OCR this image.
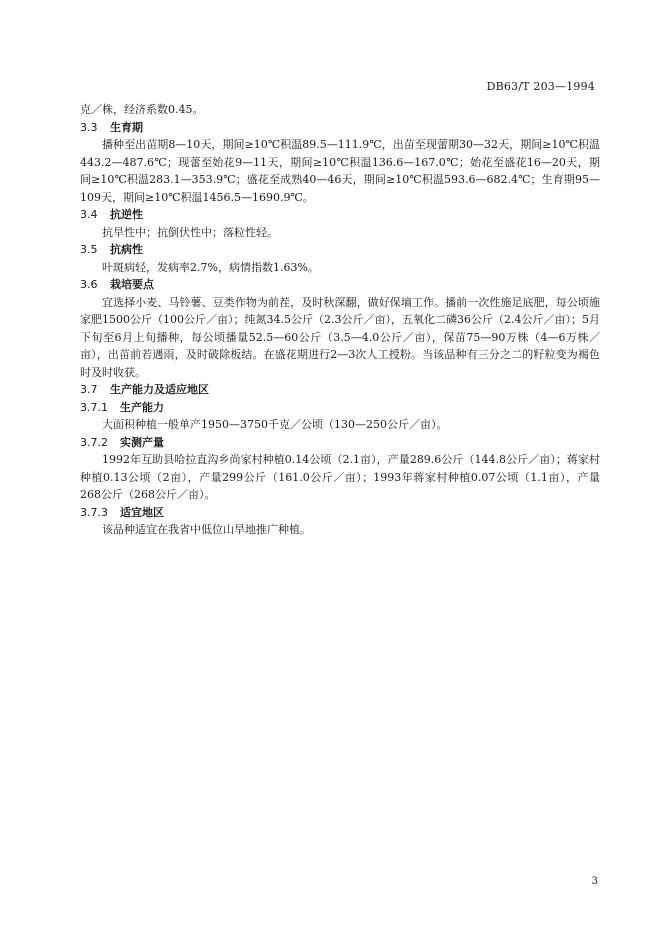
DB63/T 203—1994
克／株，经济系数0.45。
3.3 生育期

播种至出苗期8—10天，期间≥10℃积温89.5—111.9℃，出苗至现蕾期30—32天，期间≥10℃积温443.2—487.6℃；现蕾至始花9—11天，期间≥10℃积温136.6—167.0℃；始花至盛花16—20天，期间≥10℃积温283.1—353.9℃；盛花至成熟40—46天，期间≥10℃积温593.6—682.4℃；生育期95—109天，期间≥10℃积温1456.5—1690.9℃。

3.4 抗逆性

抗旱性中；抗倒伏性中；落粒性轻。

3.5 抗病性

叶斑病轻，发病率2.7%，病情指数1.63%。

3.6 栽培要点

宜选择小麦、马铃薯、豆类作物为前茬，及时秋深翻，做好保墒工作。播前一次性施足底肥，每公顷施家肥1500公斤（100公斤／亩）；纯氮34.5公斤（2.3公斤／亩），五氧化二磷36公斤（2.4公斤／亩）；5月下旬至6月上旬播种，每公顷播量52.5—60公斤（3.5—4.0公斤／亩），保苗75—90万株（4—6万株／亩），出苗前若遇雨，及时破除板结。在盛花期进行2—3次人工授粉。当该品种有三分之二的籽粒变为褐色时及时收获。

3.7 生产能力及适应地区
3.7.1 生产能力

大面积种植一般单产1950—3750千克／公顷（130—250公斤／亩）。

3.7.2 实测产量

1992年互助县哈拉直沟乡尚家村种植0.14公顷（2.1亩），产量289.6公斤（144.8公斤／亩）；蒋家村种植0.13公顷（2亩），产量299公斤（161.0公斤／亩）；1993年蒋家村种植0.07公顷（1.1亩），产量268公斤（268公斤／亩）。

3.7.3 适宜地区

该品种适宜在我省中低位山旱地推广种植。

3
